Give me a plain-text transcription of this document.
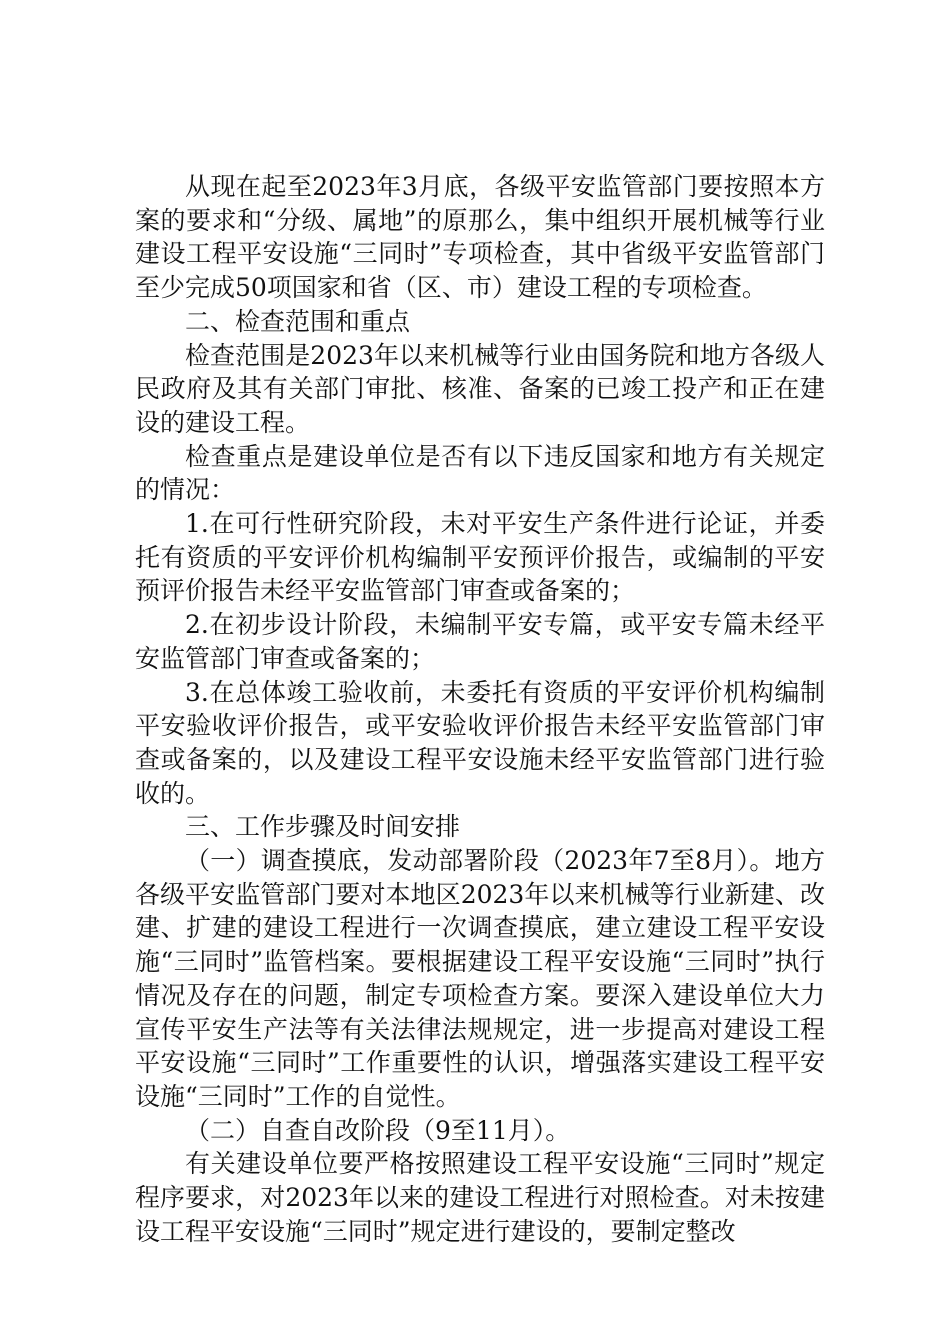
从现在起至2023年3月底，各级平安监管部门要按照本方案的要求和“分级、属地”的原那么，集中组织开展机械等行业建设工程平安设施“三同时”专项检查，其中省级平安监管部门至少完成50项国家和省（区、市）建设工程的专项检查。

二、检查范围和重点

检查范围是2023年以来机械等行业由国务院和地方各级人民政府及其有关部门审批、核准、备案的已竣工投产和正在建设的建设工程。

检查重点是建设单位是否有以下违反国家和地方有关规定的情况：

1.在可行性研究阶段，未对平安生产条件进行论证，并委托有资质的平安评价机构编制平安预评价报告，或编制的平安预评价报告未经平安监管部门审查或备案的；

2.在初步设计阶段，未编制平安专篇，或平安专篇未经平安监管部门审查或备案的；

3.在总体竣工验收前，未委托有资质的平安评价机构编制平安验收评价报告，或平安验收评价报告未经平安监管部门审查或备案的，以及建设工程平安设施未经平安监管部门进行验收的。

三、工作步骤及时间安排

（一）调查摸底，发动部署阶段（2023年7至8月）。地方各级平安监管部门要对本地区2023年以来机械等行业新建、改建、扩建的建设工程进行一次调查摸底，建立建设工程平安设施“三同时”监管档案。要根据建设工程平安设施“三同时”执行情况及存在的问题，制定专项检查方案。要深入建设单位大力宣传平安生产法等有关法律法规规定，进一步提高对建设工程平安设施“三同时”工作重要性的认识，增强落实建设工程平安设施“三同时”工作的自觉性。

（二）自查自改阶段（9至11月）。

有关建设单位要严格按照建设工程平安设施“三同时”规定程序要求，对2023年以来的建设工程进行对照检查。对未按建设工程平安设施“三同时”规定进行建设的，要制定整改
